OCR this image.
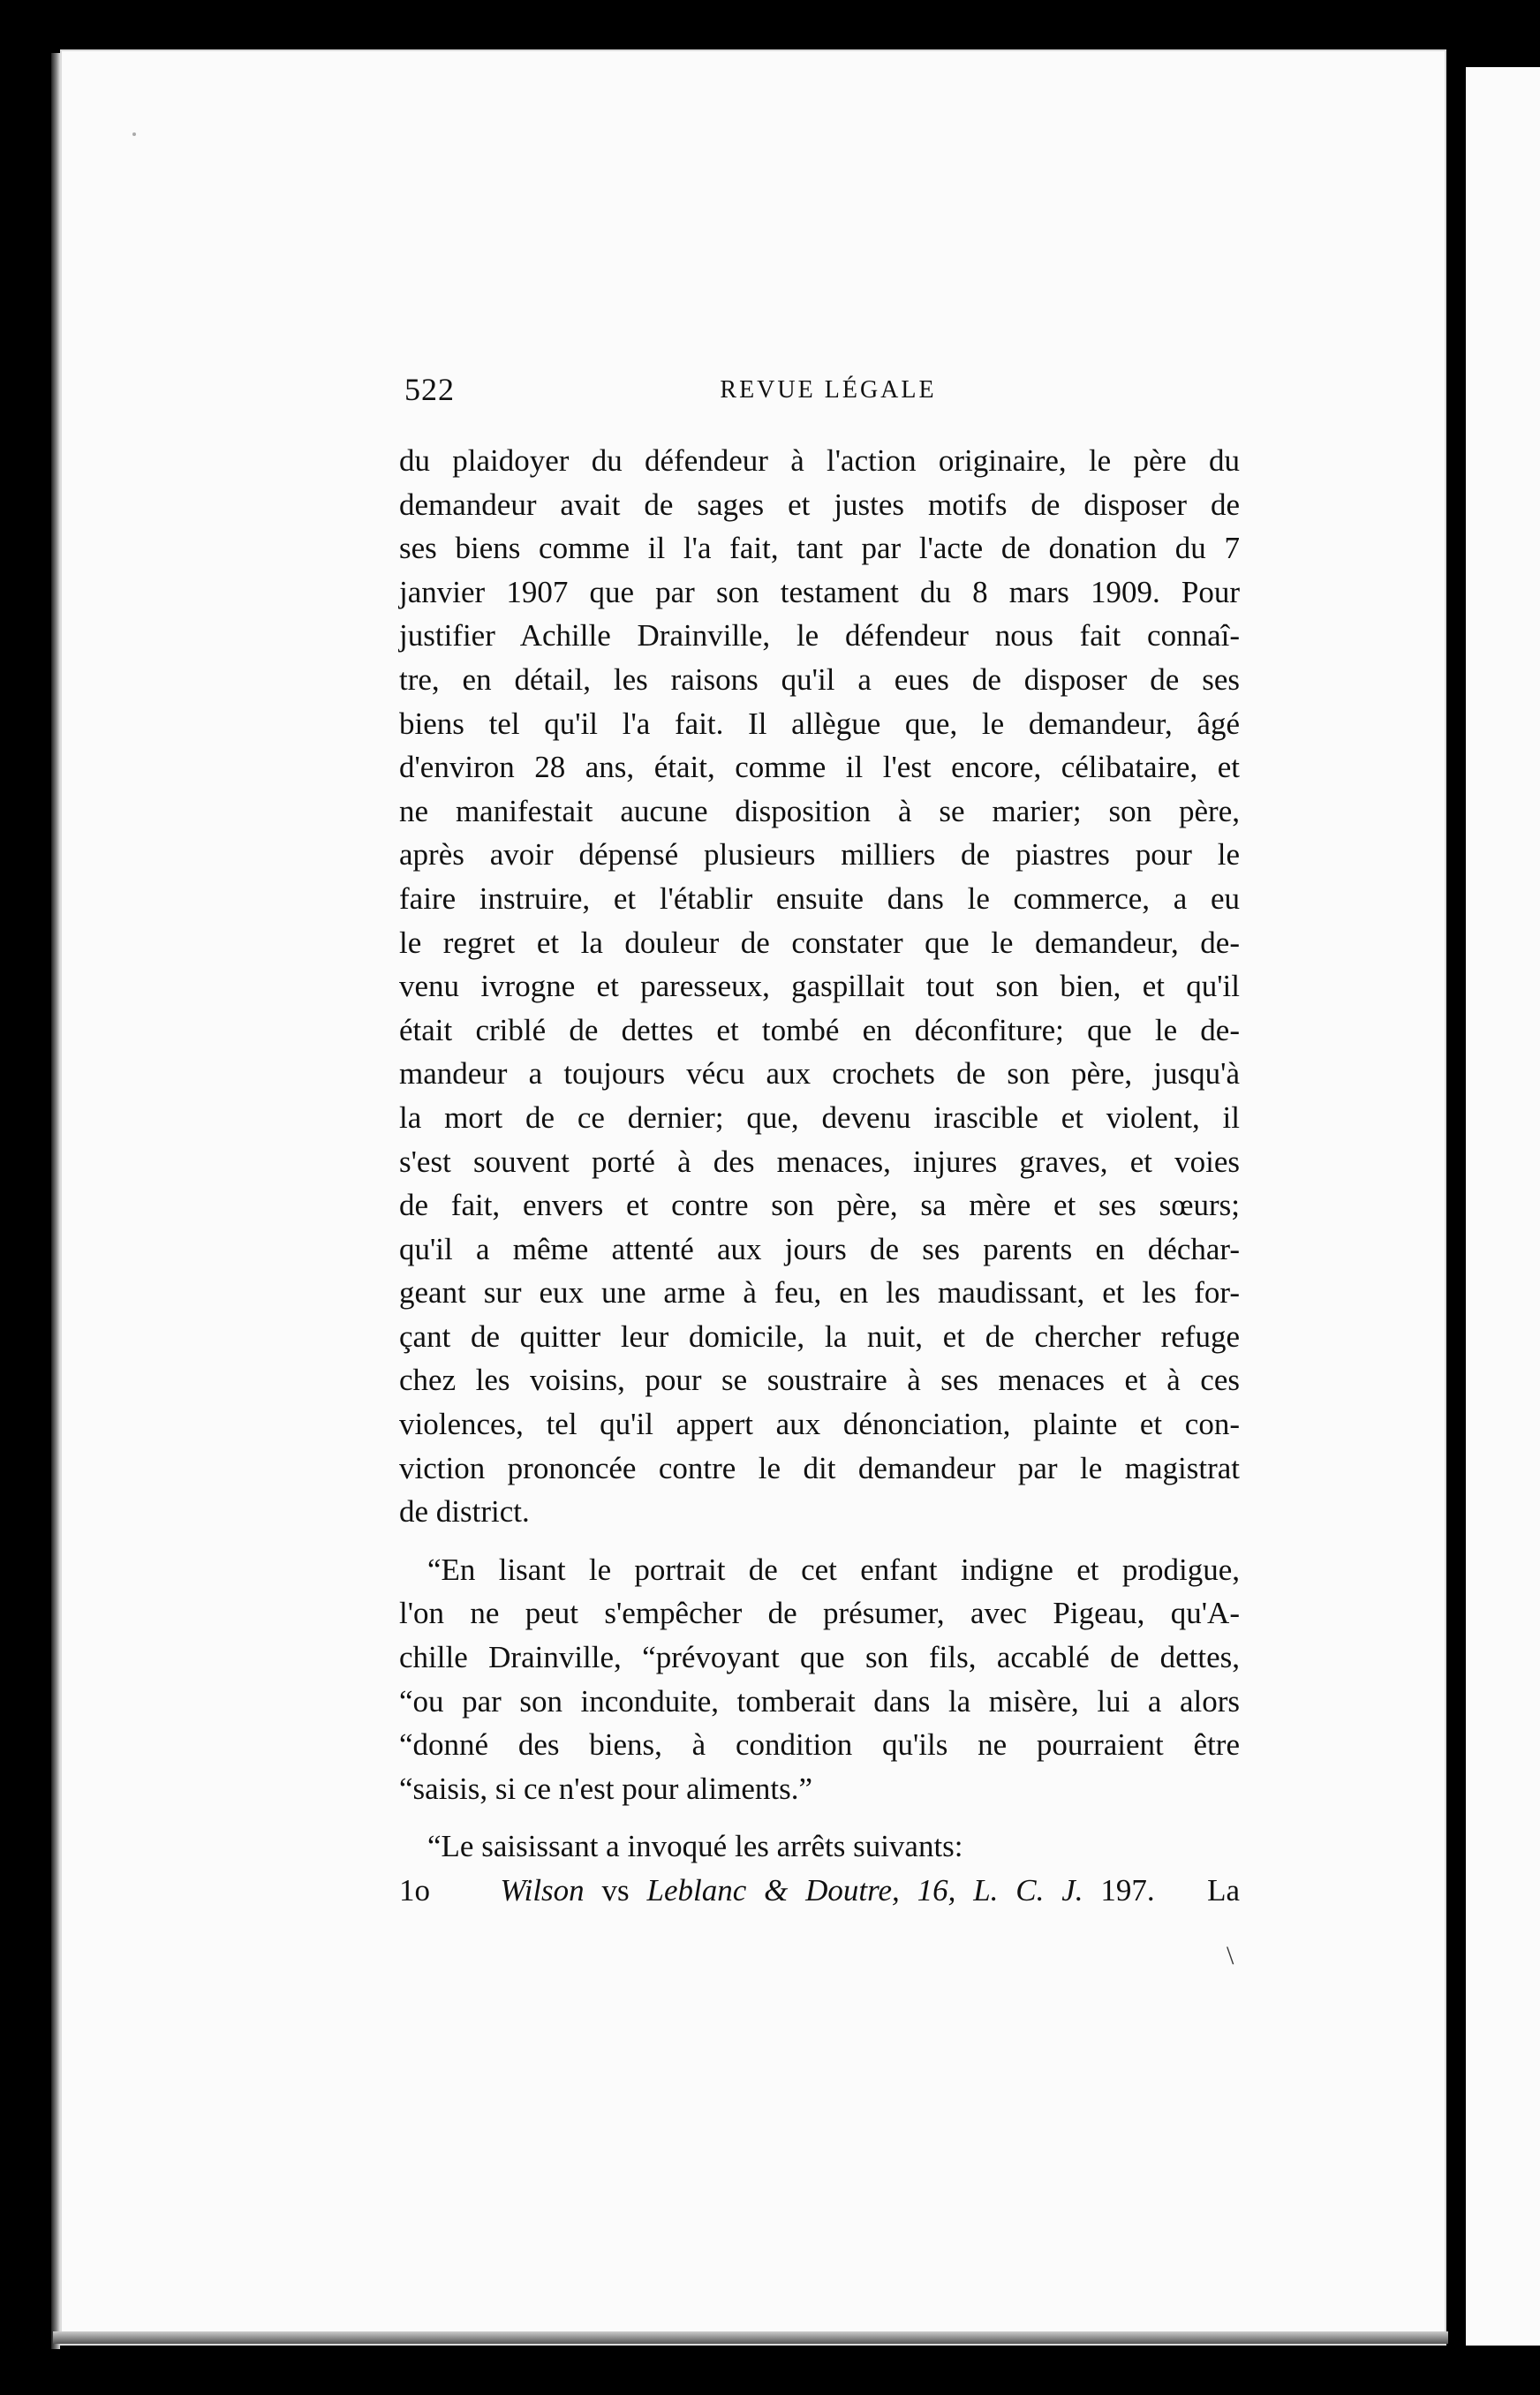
522	REVUE LÉGALE
du plaidoyer du défendeur à l'action originaire, le père du
demandeur avait de sages et justes motifs de disposer de
ses biens comme il l'a fait, tant par l'acte de donation du 7
janvier 1907 que par son testament du 8 mars 1909. Pour
justifier Achille Drainville, le défendeur nous fait connaî-
tre, en détail, les raisons qu'il a eues de disposer de ses
biens tel qu'il l'a fait. Il allègue que, le demandeur, âgé
d'environ 28 ans, était, comme il l'est encore, célibataire, et
ne manifestait aucune disposition à se marier; son père,
après avoir dépensé plusieurs milliers de piastres pour le
faire instruire, et l'établir ensuite dans le commerce, a eu
le regret et la douleur de constater que le demandeur, de-
venu ivrogne et paresseux, gaspillait tout son bien, et qu'il
était criblé de dettes et tombé en déconfiture; que le de-
mandeur a toujours vécu aux crochets de son père, jusqu'à
la mort de ce dernier; que, devenu irascible et violent, il
s'est souvent porté à des menaces, injures graves, et voies
de fait, envers et contre son père, sa mère et ses sœurs;
qu'il a même attenté aux jours de ses parents en déchar-
geant sur eux une arme à feu, en les maudissant, et les for-
çant de quitter leur domicile, la nuit, et de chercher refuge
chez les voisins, pour se soustraire à ses menaces et à ces
violences, tel qu'il appert aux dénonciation, plainte et con-
viction prononcée contre le dit demandeur par le magistrat
de district.
“En lisant le portrait de cet enfant indigne et prodigue,
l'on ne peut s'empêcher de présumer, avec Pigeau, qu'A-
chille Drainville, “prévoyant que son fils, accablé de dettes,
“ou par son inconduite, tomberait dans la misère, lui a alors
“donné des biens, à condition qu'ils ne pourraient être
“saisis, si ce n'est pour aliments.”
“Le saisissant a invoqué les arrêts suivants:
1o Wilson vs Leblanc & Doutre, 16, L. C. J. 197. La
\
